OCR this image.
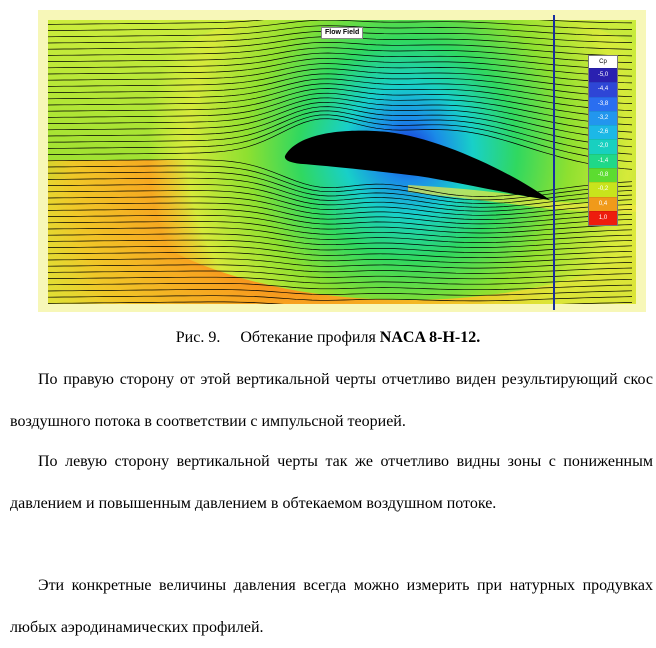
Flow Field
Cp
-5,0
-4,4
-3,8
-3,2
-2,6
-2,0
-1,4
-0,8
-0,2
0,4
1,0
Рис. 9. Обтекание профиля NACA 8-H-12.

По правую сторону от этой вертикальной черты отчетливо виден результирующий скос воздушного потока в соответствии с импульсной теорией.

По левую сторону вертикальной черты так же отчетливо видны зоны с пониженным давлением и повышенным давлением в обтекаемом воздушном потоке.

Эти конкретные величины давления всегда можно измерить при натурных продувках любых аэродинамических профилей.
